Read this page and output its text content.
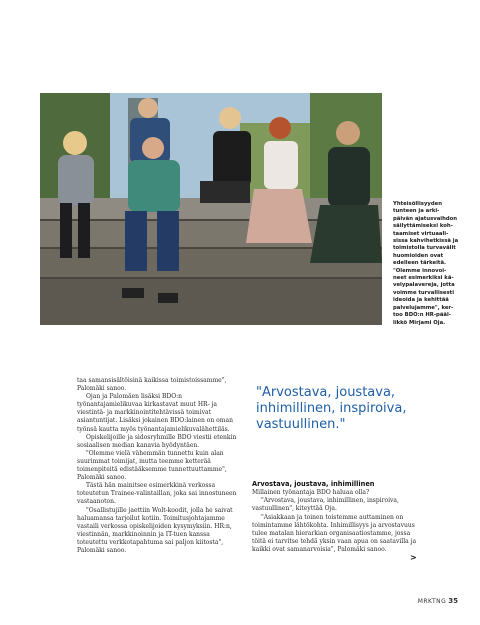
Yhteisöllisyyden
tunteen ja arki-
päivän ajatusvaihdon
säilyttämiseksi koh-
taamiset virtuaali-
sissa kahvihetkissä ja
toimistolla turvavälit
huomioiden ovat
edelleen tärkeitä.
"Olemme innovoi-
neet esimerkiksi kä-
velypalavereja, jotta
voimme turvallisesti
ideoida ja kehittää
palvelujamme", ker-
too BDO:n HR-pääl-
likkö Mirjami Oja.

taa samansisältöisinä kaikissa toimistoissamme", Palomäki sanoo.

Ojan ja Palomäen lisäksi BDO:n työnantajamielikuvaa kirkastavat muut HR- ja viestintä- ja markkinointitehtävissä toimivat asiantuntijat. Lisäksi jokainen BDO:lainen on oman työnsä kautta myös työnantajamielikuvalähettiläs.

Opiskelijoille ja sidosryhmille BDO viestii etenkin sosiaalisen median kanavia hyödyntäen.

"Olemme vielä vähemmän tunnettu kuin alan suurimmat toimijat, mutta teemme ketterää toimenpiteitä edistääksemme tunnettuuttamme", Palomäki sanoo.

Tästä hän mainitsee esimerkkinä verkossa toteutetun Trainee-valintaillan, joka sai innostuneen vastaanoton.

"Osallistujille jaettiin Wolt-koodit, jolla he saivat haluamansa tarjoilut kotiin. Toimitusjohtajamme vastaili verkossa opiskelijoiden kysymyksiin. HR:n, viestinnän, markkinoinnin ja IT-tuen kanssa toteutettu verkkotapahtuma sai paljon kiitosta", Palomäki sanoo.

"Arvostava, joustava,
inhimillinen, inspiroiva,
vastuullinen."
Arvostava, joustava, inhimillinen

Millainen työnantaja BDO haluaa olla?

"Arvostava, joustava, inhimillinen, inspiroiva, vastuullinen", kiteyttää Oja.

"Asiakkaan ja toinen toistemme auttaminen on toimintamme lähtökohta. Inhimillisyys ja arvostavuus tulee matalan hierarkian organisaatiostamme, jossa töitä ei tarvitse tehdä yksin vaan apua on saatavilla ja kaikki ovat samanarvoisia", Palomäki sanoo.

>
MRKTNG 35
